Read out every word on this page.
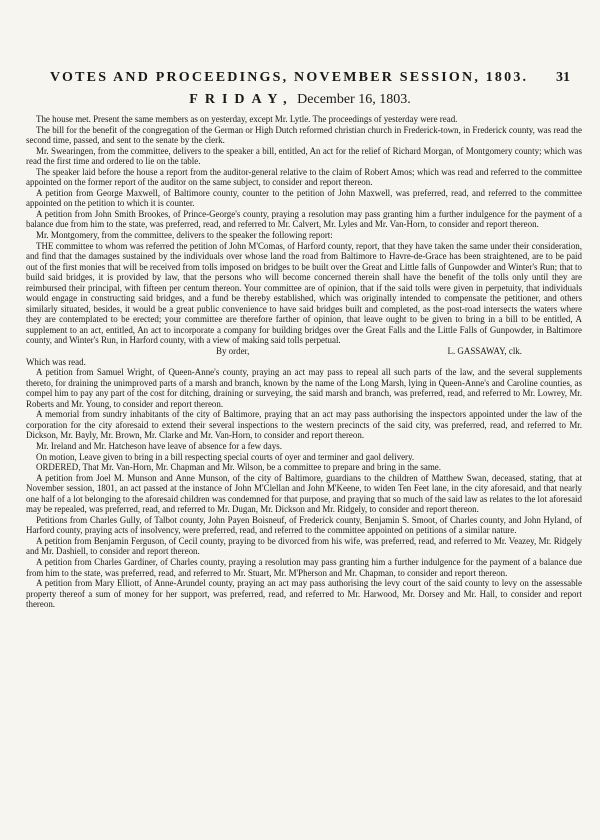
VOTES AND PROCEEDINGS, NOVEMBER SESSION, 1803. 31
FRIDAY, December 16, 1803.

The house met. Present the same members as on yesterday, except Mr. Lytle. The proceedings of yesterday were read.

The bill for the benefit of the congregation of the German or High Dutch reformed christian church in Frederick-town, in Frederick county, was read the second time, passed, and sent to the senate by the clerk.

Mr. Swearingen, from the committee, delivers to the speaker a bill, entitled, An act for the relief of Richard Morgan, of Montgomery county; which was read the first time and ordered to lie on the table.

The speaker laid before the house a report from the auditor-general relative to the claim of Robert Amos; which was read and referred to the committee appointed on the former report of the auditor on the same subject, to consider and report thereon.

A petition from George Maxwell, of Baltimore county, counter to the petition of John Maxwell, was preferred, read, and referred to the committee appointed on the petition to which it is counter.

A petition from John Smith Brookes, of Prince-George's county, praying a resolution may pass granting him a further indulgence for the payment of a balance due from him to the state, was preferred, read, and referred to Mr. Calvert, Mr. Lyles and Mr. Van-Horn, to consider and report thereon.

Mr. Montgomery, from the committee, delivers to the speaker the following report:

THE committee to whom was referred the petition of John M'Comas, of Harford county, report, that they have taken the same under their consideration, and find that the damages sustained by the individuals over whose land the road from Baltimore to Havre-de-Grace has been straightened, are to be paid out of the first monies that will be received from tolls imposed on bridges to be built over the Great and Little falls of Gunpowder and Winter's Run; that to build said bridges, it is provided by law, that the persons who will become concerned therein shall have the benefit of the tolls only until they are reimbursed their principal, with fifteen per centum thereon. Your committee are of opinion, that if the said tolls were given in perpetuity, that individuals would engage in constructing said bridges, and a fund be thereby established, which was originally intended to compensate the petitioner, and others similarly situated, besides, it would be a great public convenience to have said bridges built and completed, as the post-road intersects the waters where they are contemplated to be erected; your committee are therefore farther of opinion, that leave ought to be given to bring in a bill to be entitled, A supplement to an act, entitled, An act to incorporate a company for building bridges over the Great Falls and the Little Falls of Gunpowder, in Baltimore county, and Winter's Run, in Harford county, with a view of making said tolls perpetual.

By order,	L. GASSAWAY, clk.

Which was read.

A petition from Samuel Wright, of Queen-Anne's county, praying an act may pass to repeal all such parts of the law, and the several supplements thereto, for draining the unimproved parts of a marsh and branch, known by the name of the Long Marsh, lying in Queen-Anne's and Caroline counties, as compel him to pay any part of the cost for ditching, draining or surveying, the said marsh and branch, was preferred, read, and referred to Mr. Lowrey, Mr. Roberts and Mr. Young, to consider and report thereon.

A memorial from sundry inhabitants of the city of Baltimore, praying that an act may pass authorising the inspectors appointed under the law of the corporation for the city aforesaid to extend their several inspections to the western precincts of the said city, was preferred, read, and referred to Mr. Dickson, Mr. Bayly, Mr. Brown, Mr. Clarke and Mr. Van-Horn, to consider and report thereon.

Mr. Ireland and Mr. Hatcheson have leave of absence for a few days.

On motion, Leave given to bring in a bill respecting special courts of oyer and terminer and gaol delivery.

ORDERED, That Mr. Van-Horn, Mr. Chapman and Mr. Wilson, be a committee to prepare and bring in the same.

A petition from Joel M. Munson and Anne Munson, of the city of Baltimore, guardians to the children of Matthew Swan, deceased, stating, that at November session, 1801, an act passed at the instance of John M'Clellan and John M'Keene, to widen Ten Feet lane, in the city aforesaid, and that nearly one half of a lot belonging to the aforesaid children was condemned for that purpose, and praying that so much of the said law as relates to the lot aforesaid may be repealed, was preferred, read, and referred to Mr. Dugan, Mr. Dickson and Mr. Ridgely, to consider and report thereon.

Petitions from Charles Gully, of Talbot county, John Payen Boisneuf, of Frederick county, Benjamin S. Smoot, of Charles county, and John Hyland, of Harford county, praying acts of insolvency, were preferred, read, and referred to the committee appointed on petitions of a similar nature.

A petition from Benjamin Ferguson, of Cecil county, praying to be divorced from his wife, was preferred, read, and referred to Mr. Veazey, Mr. Ridgely and Mr. Dashiell, to consider and report thereon.

A petition from Charles Gardiner, of Charles county, praying a resolution may pass granting him a further indulgence for the payment of a balance due from him to the state, was preferred, read, and referred to Mr. Stuart, Mr. M'Pherson and Mr. Chapman, to consider and report thereon.

A petition from Mary Elliott, of Anne-Arundel county, praying an act may pass authorising the levy court of the said county to levy on the assessable property thereof a sum of money for her support, was preferred, read, and referred to Mr. Harwood, Mr. Dorsey and Mr. Hall, to consider and report thereon.
